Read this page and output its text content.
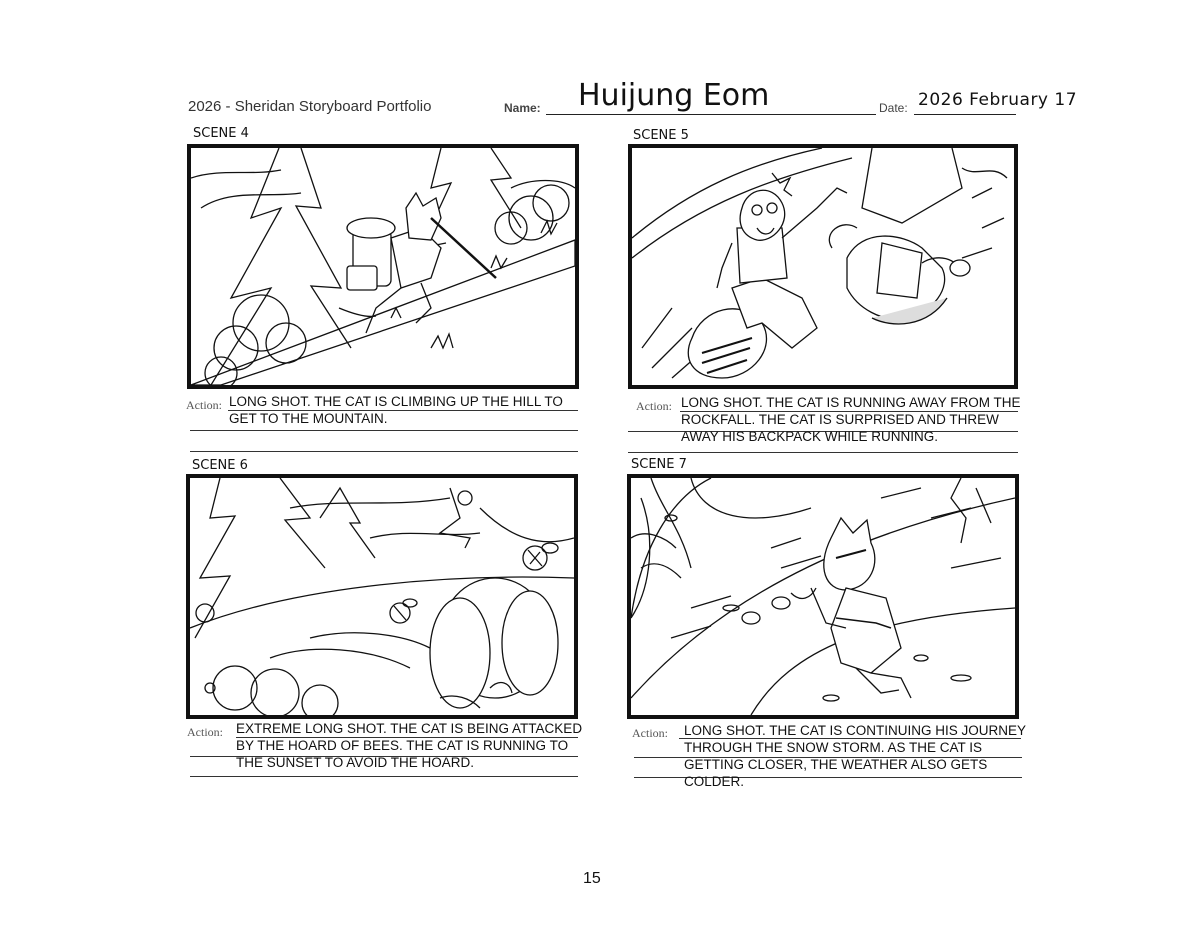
2026 - Sheridan Storyboard Portfolio	Name: Huijung Eom	Date: 2026 February 17
SCENE 4
Action: LONG SHOT. THE CAT IS CLIMBING UP THE HILL TO
GET TO THE MOUNTAIN.
SCENE 5
Action: LONG SHOT. THE CAT IS RUNNING AWAY FROM THE
ROCKFALL. THE CAT IS SURPRISED AND THREW
AWAY HIS BACKPACK WHILE RUNNING.
SCENE 6
Action: EXTREME LONG SHOT. THE CAT IS BEING ATTACKED
BY THE HOARD OF BEES. THE CAT IS RUNNING TO
THE SUNSET TO AVOID THE HOARD.
SCENE 7
Action: LONG SHOT. THE CAT IS CONTINUING HIS JOURNEY
THROUGH THE SNOW STORM. AS THE CAT IS
GETTING CLOSER, THE WEATHER ALSO GETS
COLDER.
15
